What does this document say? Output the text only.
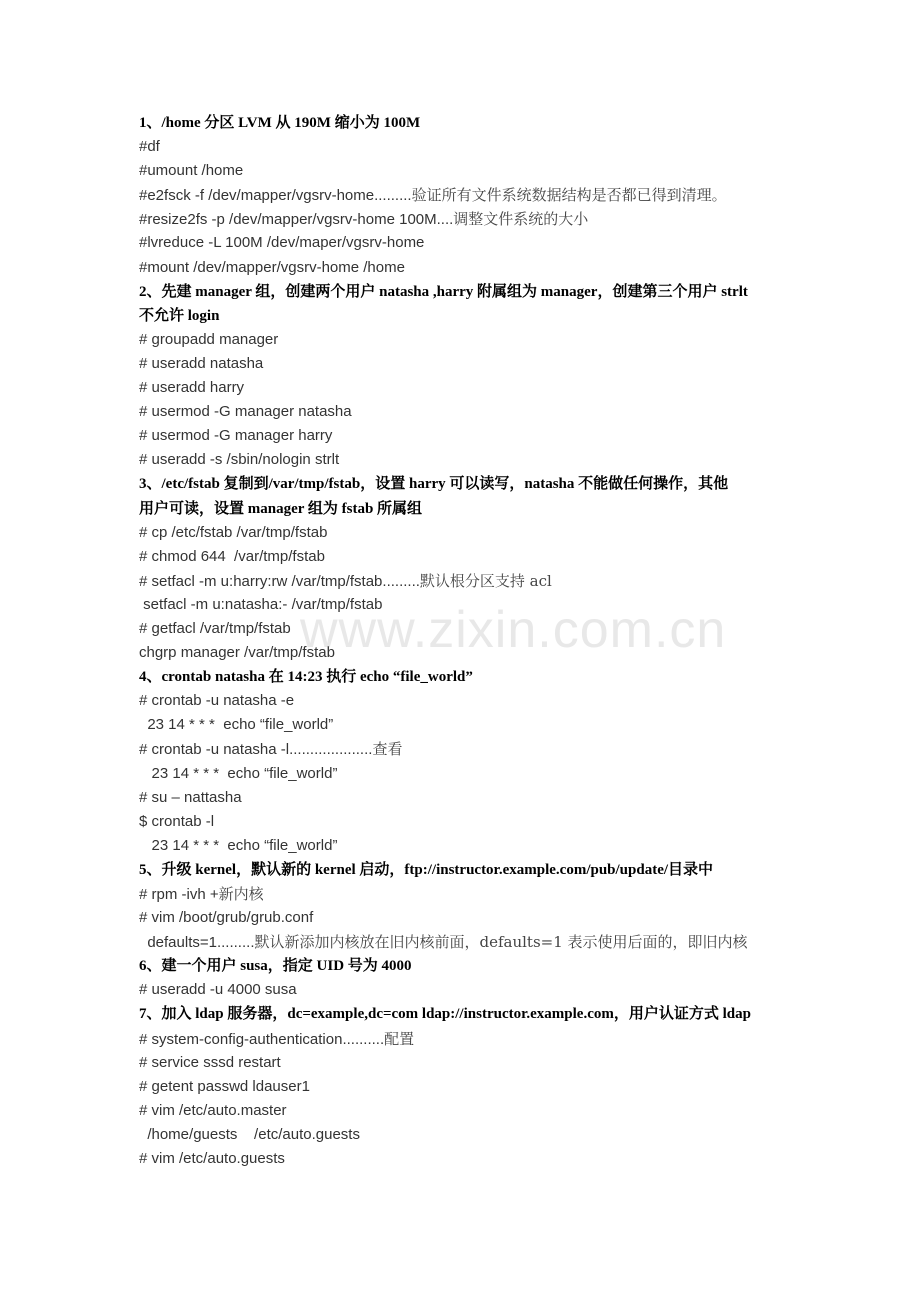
1、/home 分区 LVM 从 190M 缩小为 100M
#df
#umount /home
#e2fsck -f /dev/mapper/vgsrv-home.........验证所有文件系统数据结构是否都已得到清理。
#resize2fs -p /dev/mapper/vgsrv-home 100M....调整文件系统的大小
#lvreduce -L 100M /dev/maper/vgsrv-home
#mount /dev/mapper/vgsrv-home /home
2、先建 manager 组，创建两个用户 natasha ,harry 附属组为 manager，创建第三个用户 strlt
不允许 login
# groupadd manager
# useradd natasha
# useradd harry
# usermod -G manager natasha
# usermod -G manager harry
# useradd -s /sbin/nologin strlt
3、/etc/fstab 复制到/var/tmp/fstab，设置 harry 可以读写，natasha 不能做任何操作，其他
用户可读，设置 manager 组为 fstab 所属组
# cp /etc/fstab /var/tmp/fstab
# chmod 644  /var/tmp/fstab
# setfacl -m u:harry:rw /var/tmp/fstab.........默认根分区支持 acl
setfacl -m u:natasha:- /var/tmp/fstab
# getfacl /var/tmp/fstab
chgrp manager /var/tmp/fstab
4、crontab natasha 在 14:23 执行 echo “file_world”
# crontab -u natasha -e
23 14 * * *  echo “file_world”
# crontab -u natasha -l....................查看
23 14 * * *  echo “file_world”
# su – nattasha
$ crontab -l
23 14 * * *  echo “file_world”
5、升级 kernel，默认新的 kernel 启动，ftp://instructor.example.com/pub/update/目录中
# rpm -ivh +新内核
# vim /boot/grub/grub.conf
defaults=1.........默认新添加内核放在旧内核前面，defaults=1 表示使用后面的，即旧内核
6、建一个用户 susa，指定 UID 号为 4000
# useradd -u 4000 susa
7、加入 ldap 服务器，dc=example,dc=com ldap://instructor.example.com，用户认证方式 ldap
# system-config-authentication..........配置
# service sssd restart
# getent passwd ldauser1
# vim /etc/auto.master
/home/guests    /etc/auto.guests
# vim /etc/auto.guests
www.zixin.com.cn
